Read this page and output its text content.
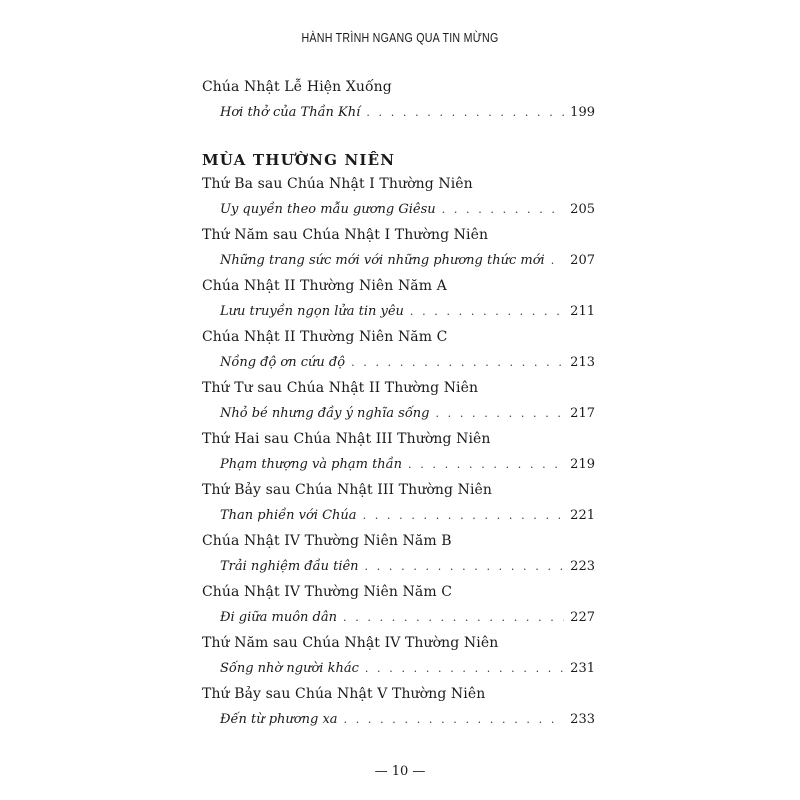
HÀNH TRÌNH NGANG QUA TIN MỪNG
Chúa Nhật Lễ Hiện Xuống
Hơi thở của Thần Khí . . .	199
MÙA THƯỜNG NIÊN
Thứ Ba sau Chúa Nhật I Thường Niên
Uy quyền theo mẫu gương Giêsu . . .	205
Thứ Năm sau Chúa Nhật I Thường Niên
Những trang sức mới với những phương thức mới . . . 207
Chúa Nhật II Thường Niên Năm A
Lưu truyền ngọn lửa tin yêu . . .	211
Chúa Nhật II Thường Niên Năm C
Nồng độ ơn cứu độ . . .	213
Thứ Tư sau Chúa Nhật II Thường Niên
Nhỏ bé nhưng đầy ý nghĩa sống . . .	217
Thứ Hai sau Chúa Nhật III Thường Niên
Phạm thượng và phạm thần . . .	219
Thứ Bảy sau Chúa Nhật III Thường Niên
Than phiền với Chúa . . .	221
Chúa Nhật IV Thường Niên Năm B
Trải nghiệm đầu tiên . . .	223
Chúa Nhật IV Thường Niên Năm C
Đi giữa muôn dân . . .	227
Thứ Năm sau Chúa Nhật IV Thường Niên
Sống nhờ người khác . . .	231
Thứ Bảy sau Chúa Nhật V Thường Niên
Đến từ phương xa . . .	233
— 10 —
